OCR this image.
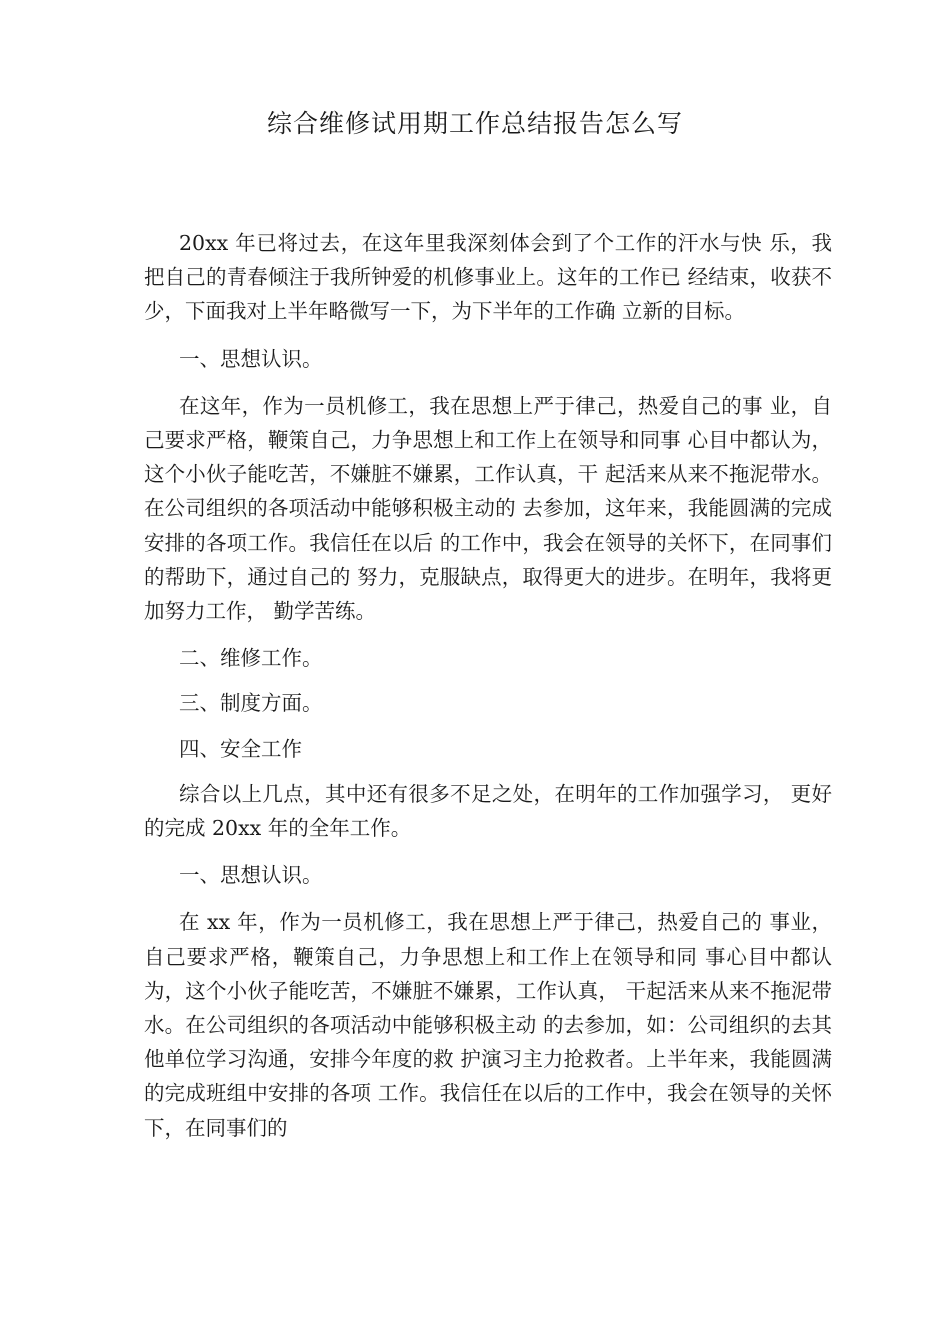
综合维修试用期工作总结报告怎么写

20xx 年已将过去，在这年里我深刻体会到了个工作的汗水与快 乐，我把自己的青春倾注于我所钟爱的机修事业上。这年的工作已 经结束，收获不少，下面我对上半年略微写一下，为下半年的工作确 立新的目标。

一、思想认识。

在这年，作为一员机修工，我在思想上严于律己，热爱自己的事 业，自己要求严格，鞭策自己，力争思想上和工作上在领导和同事 心目中都认为，这个小伙子能吃苦，不嫌脏不嫌累，工作认真，干 起活来从来不拖泥带水。在公司组织的各项活动中能够积极主动的 去参加，这年来，我能圆满的完成安排的各项工作。我信任在以后 的工作中，我会在领导的关怀下，在同事们的帮助下，通过自己的 努力，克服缺点，取得更大的进步。在明年，我将更加努力工作， 勤学苦练。

二、维修工作。

三、制度方面。

四、安全工作

综合以上几点，其中还有很多不足之处，在明年的工作加强学习， 更好的完成 20xx 年的全年工作。

一、思想认识。

在 xx 年，作为一员机修工，我在思想上严于律己，热爱自己的 事业，自己要求严格，鞭策自己，力争思想上和工作上在领导和同 事心目中都认为，这个小伙子能吃苦，不嫌脏不嫌累，工作认真， 干起活来从来不拖泥带水。在公司组织的各项活动中能够积极主动 的去参加，如：公司组织的去其他单位学习沟通，安排今年度的救 护演习主力抢救者。上半年来，我能圆满的完成班组中安排的各项 工作。我信任在以后的工作中，我会在领导的关怀下，在同事们的
